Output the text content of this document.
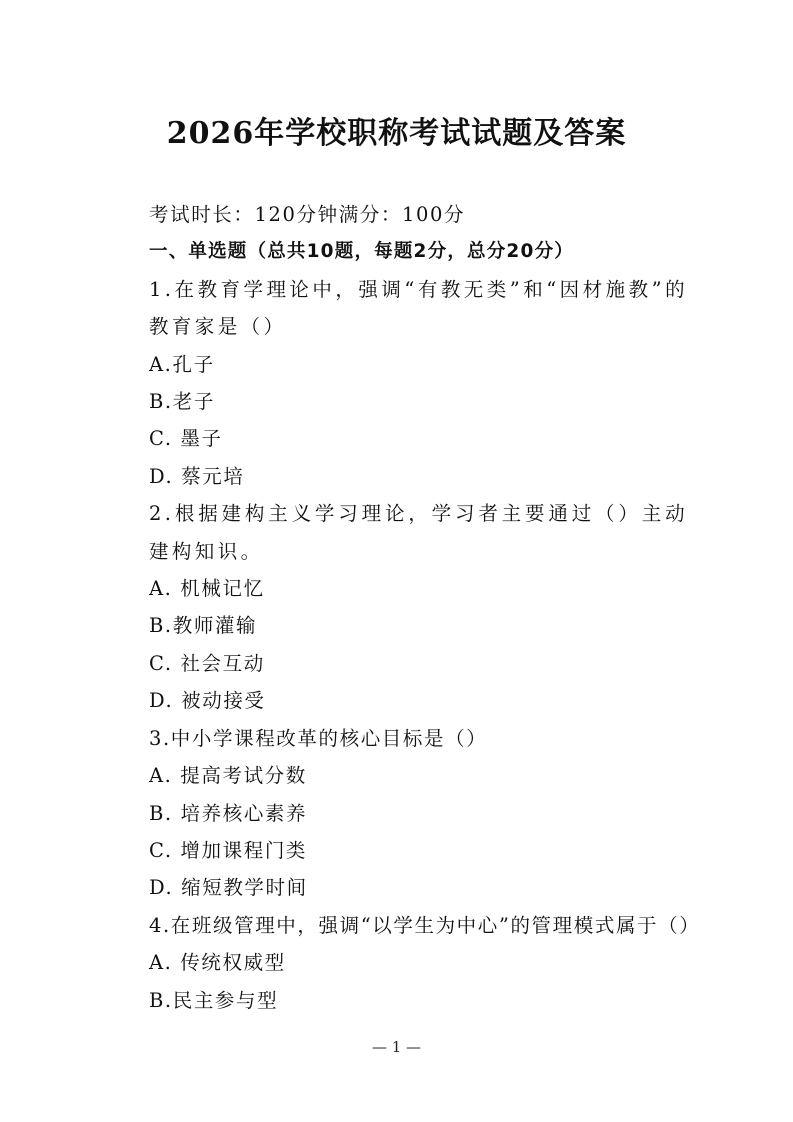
2026年学校职称考试试题及答案
考试时长：120分钟满分：100分
一、单选题（总共10题，每题2分，总分20分）
1.在教育学理论中，强调“有教无类”和“因材施教”的教育家是（）
A.孔子
B.老子
C. 墨子
D. 蔡元培
2.根据建构主义学习理论，学习者主要通过（）主动建构知识。
A. 机械记忆
B.教师灌输
C. 社会互动
D. 被动接受
3.中小学课程改革的核心目标是（）
A. 提高考试分数
B. 培养核心素养
C. 增加课程门类
D. 缩短教学时间
4.在班级管理中，强调“以学生为中心”的管理模式属于（）
A. 传统权威型
B.民主参与型
— 1 —
